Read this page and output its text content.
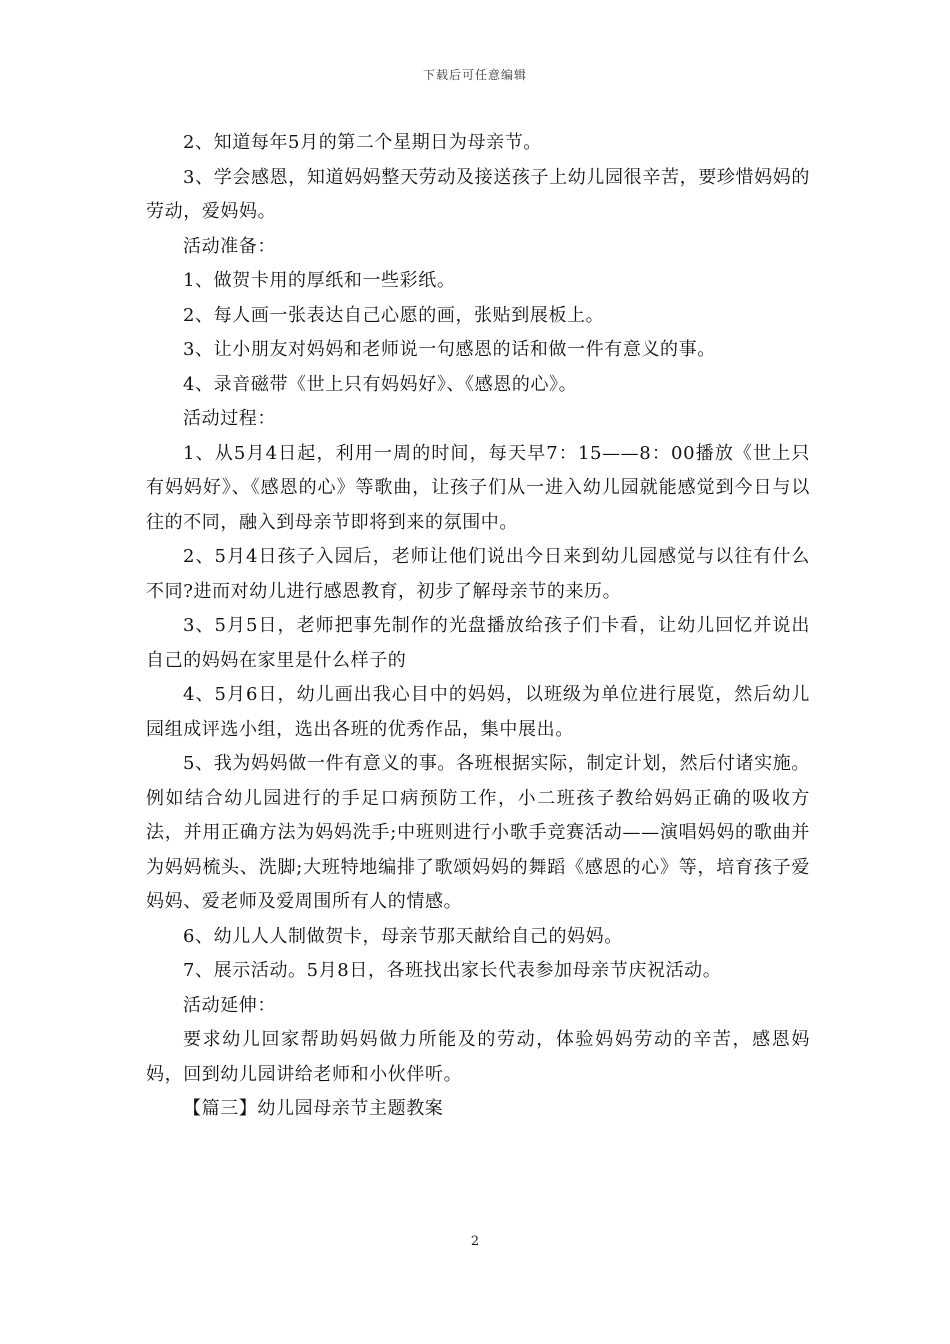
下载后可任意编辑

2、知道每年5月的第二个星期日为母亲节。

3、学会感恩，知道妈妈整天劳动及接送孩子上幼儿园很辛苦，要珍惜妈妈的劳动，爱妈妈。

活动准备：

1、做贺卡用的厚纸和一些彩纸。

2、每人画一张表达自己心愿的画，张贴到展板上。

3、让小朋友对妈妈和老师说一句感恩的话和做一件有意义的事。

4、录音磁带《世上只有妈妈好》、《感恩的心》。

活动过程：

1、从5月4日起，利用一周的时间，每天早7：15——8：00播放《世上只有妈妈好》、《感恩的心》等歌曲，让孩子们从一进入幼儿园就能感觉到今日与以往的不同，融入到母亲节即将到来的氛围中。

2、5月4日孩子入园后，老师让他们说出今日来到幼儿园感觉与以往有什么不同?进而对幼儿进行感恩教育，初步了解母亲节的来历。

3、5月5日，老师把事先制作的光盘播放给孩子们卡看，让幼儿回忆并说出自己的妈妈在家里是什么样子的

4、5月6日，幼儿画出我心目中的妈妈，以班级为单位进行展览，然后幼儿园组成评选小组，选出各班的优秀作品，集中展出。

5、我为妈妈做一件有意义的事。各班根据实际，制定计划，然后付诸实施。例如结合幼儿园进行的手足口病预防工作，小二班孩子教给妈妈正确的吸收方法，并用正确方法为妈妈洗手;中班则进行小歌手竞赛活动——演唱妈妈的歌曲并为妈妈梳头、洗脚;大班特地编排了歌颂妈妈的舞蹈《感恩的心》等，培育孩子爱妈妈、爱老师及爱周围所有人的情感。

6、幼儿人人制做贺卡，母亲节那天献给自己的妈妈。

7、展示活动。5月8日，各班找出家长代表参加母亲节庆祝活动。

活动延伸：

要求幼儿回家帮助妈妈做力所能及的劳动，体验妈妈劳动的辛苦，感恩妈妈，回到幼儿园讲给老师和小伙伴听。

【篇三】幼儿园母亲节主题教案

2
